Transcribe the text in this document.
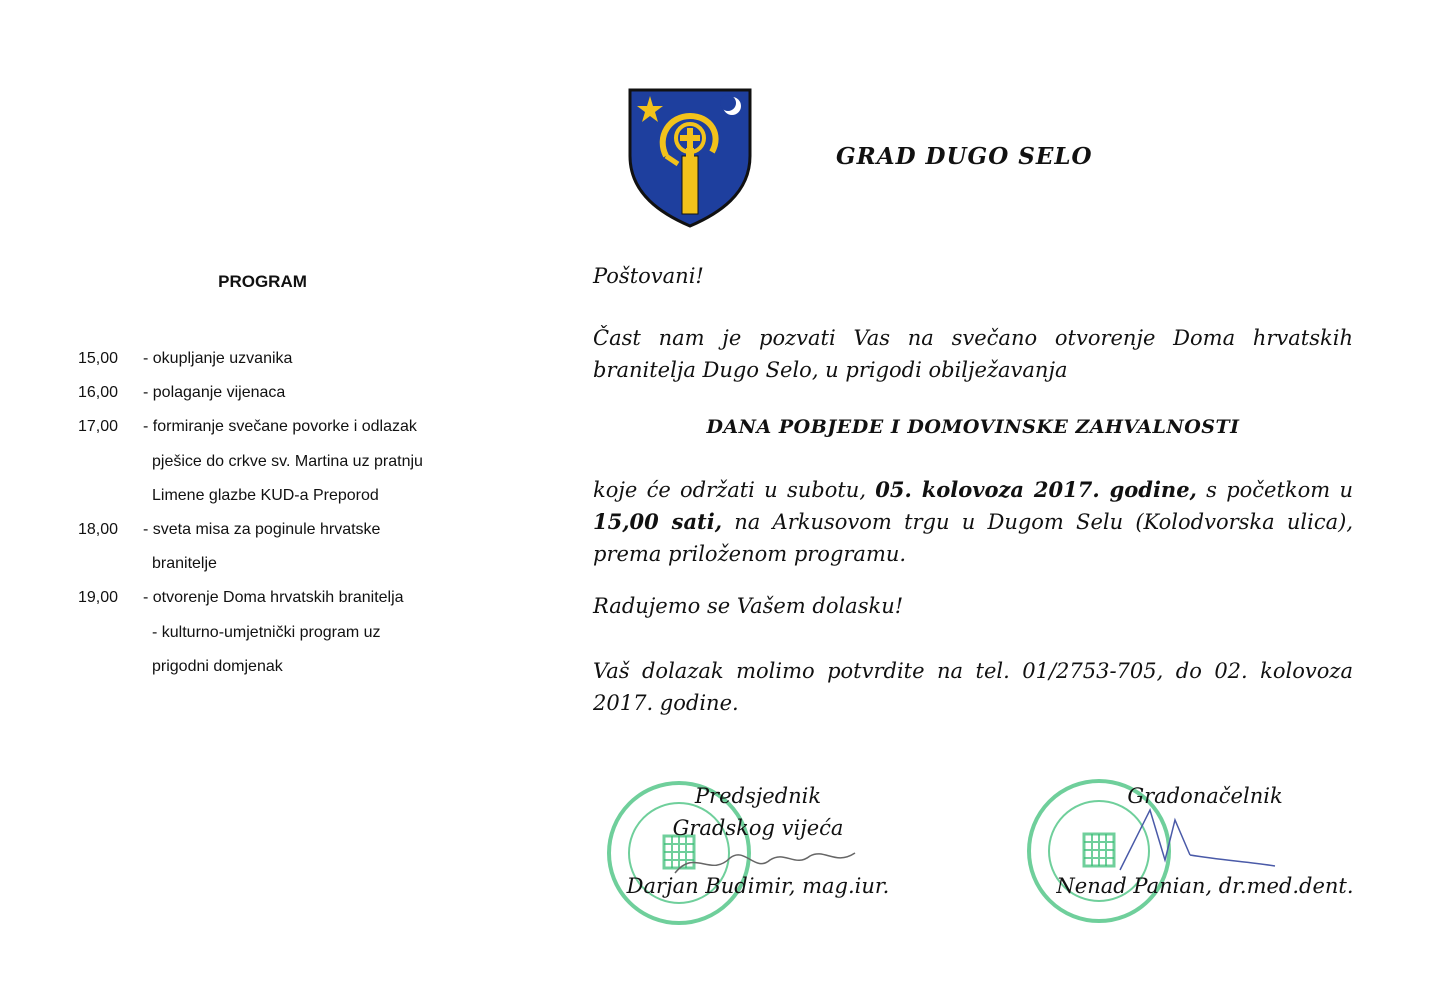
PROGRAM
15,00	- okupljanje uzvanika
16,00	- polaganje vijenaca
17,00	- formiranje svečane povorke i odlazak
pješice do crkve sv. Martina uz pratnju
Limene glazbe KUD-a Preporod
18,00	- sveta misa za poginule hrvatske
branitelje
19,00	- otvorenje Doma hrvatskih branitelja
- kulturno-umjetnički program uz
prigodni domjenak
GRAD DUGO SELO
Poštovani!
Čast nam je pozvati Vas na svečano otvorenje Doma hrvatskih branitelja Dugo Selo, u prigodi obilježavanja
DANA POBJEDE I DOMOVINSKE ZAHVALNOSTI
koje će održati u subotu, 05. kolovoza 2017. godine, s početkom u 15,00 sati, na Arkusovom trgu u Dugom Selu (Kolodvorska ulica), prema priloženom programu.
Radujemo se Vašem dolasku!
Vaš dolazak molimo potvrdite na tel. 01/2753-705, do 02. kolovoza 2017. godine.
Predsjednik
Gradskog vijeća
Darjan Budimir, mag.iur.
Gradonačelnik
Nenad Panian, dr.med.dent.
